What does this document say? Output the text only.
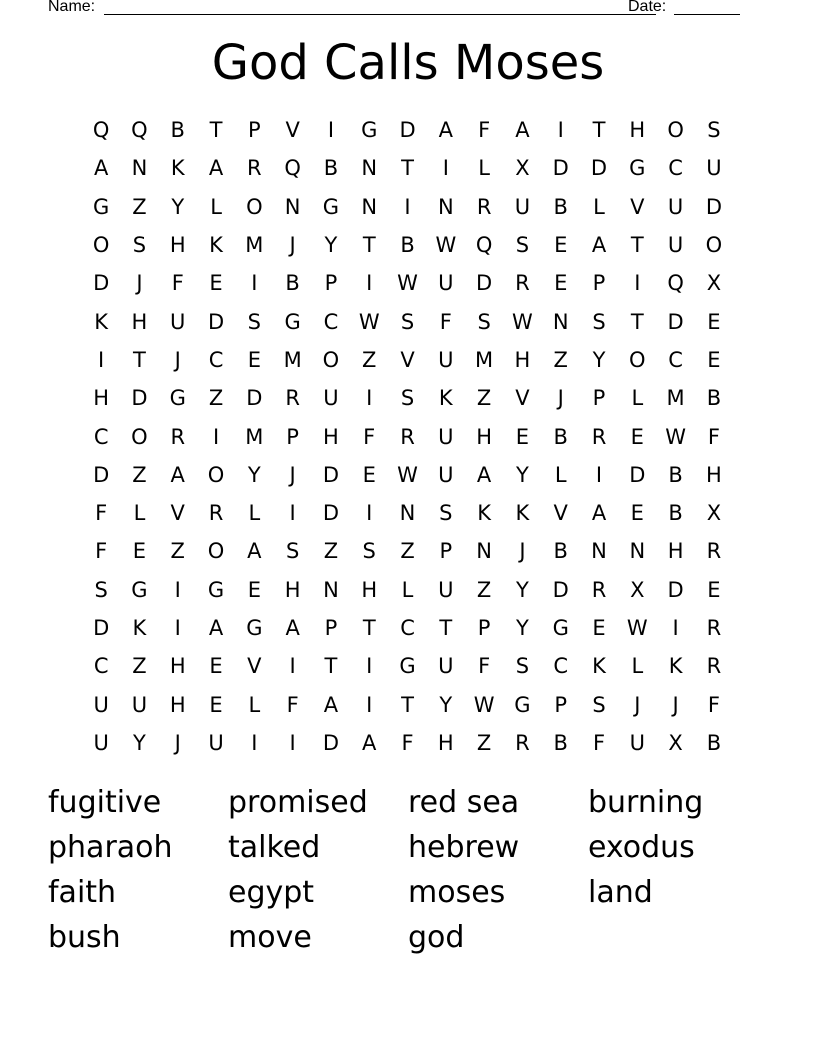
Name:	Date:
God Calls Moses
Q	Q	B	T	P	V	I	G	D	A	F	A	I	T	H	O	S
A	N	K	A	R	Q	B	N	T	I	L	X	D	D	G	C	U
G	Z	Y	L	O	N	G	N	I	N	R	U	B	L	V	U	D
O	S	H	K	M	J	Y	T	B W Q	S	E	A	T	U	O
D	J	F	E	I	B	P	I	W U	D	R	E	P	I	Q	X
K	H	U	D	S	G	C W	S	F	S	W N	S	T	D	E
I	T	J	C	E	M O	Z	V	U	M	H	Z	Y	O	C	E
H	D	G	Z	D	R	U	I	S	K	Z	V	J	P	L	M	B
C	O	R	I	M	P	H	F	R	U	H	E	B	R	E	W	F
D	Z	A	O	Y	J	D	E	W U	A	Y	L	I	D	B	H
F	L	V	R	L	I	D	I	N	S	K	K	V	A	E	B	X
F	E	Z	O	A	S	Z	S	Z	P	N	J	B	N	N	H	R
S	G	I	G	E	H	N	H	L	U	Z	Y	D	R	X	D	E
D	K	I	A	G	A	P	T	C	T	P	Y	G	E	W	I	R
C	Z	H	E	V	I	T	I	G	U	F	S	C	K	L	K	R
U	U	H	E	L	F	A	I	T	Y	W G	P	S	J	J	F
U	Y	J	U	I	I	D	A	F	H	Z	R	B	F	U	X	B
fugitive	promised	red sea	burning
pharaoh	talked	hebrew	exodus
faith	egypt	moses	land
bush	move	god
